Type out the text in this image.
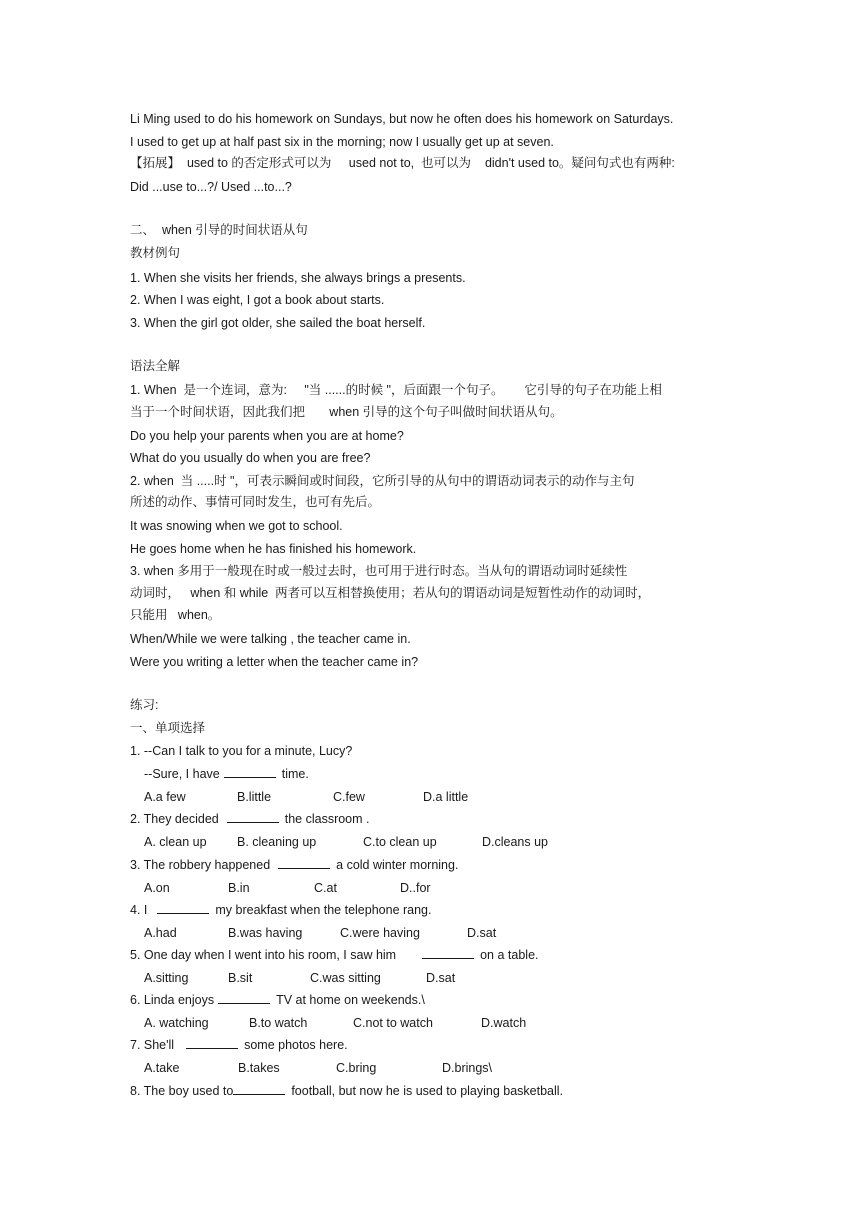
Li Ming used to do his homework on Sundays, but now he often does his homework on Saturdays.
I used to get up at half past six in the morning; now I usually get up at seven.
【拓展】  used to 的否定形式可以为     used not to,  也可以为    didn't used to。疑问句式也有两种:
Did ...use to...?/ Used ...to...?
二、  when 引导的时间状语从句
教材例句
1. When she visits her friends, she always brings a presents.
2. When I was eight, I got a book about starts.
3. When the girl got older, she sailed the boat herself.
语法全解
1. When  是一个连词，意为:     "当 ......的时候 "，后面跟一个句子。      它引导的句子在功能上相
当于一个时间状语，因此我们把       when 引导的这个句子叫做时间状语从句。
Do you help your parents when you are at home?
What do you usually do when you are free?
2. when  当 .....时 "，可表示瞬间或时间段，它所引导的从句中的谓语动词表示的动作与主句
所述的动作、事情可同时发生，也可有先后。
It was snowing when we got to school.
He goes home when he has finished his homework.
3. when 多用于一般现在时或一般过去时，也可用于进行时态。当从句的谓语动词时延续性
动词时，   when 和 while  两者可以互相替换使用；若从句的谓语动词是短暂性动作的动词时，
只能用   when。
When/While we were talking , the teacher came in.
Were you writing a letter when the teacher came in?
练习:
一、单项选择
1. --Can I talk to you for a minute, Lucy?
--Sure, I have	time.
A.a few	B.little	C.few	D.a little
2. They decided	the classroom .
A. clean up B. cleaning up	C.to clean up	D.cleans up
3. The robbery happened	a cold winter morning.
A.on	B.in	C.at	D..for
4. I	my breakfast when the telephone rang.
A.had	B.was having	C.were having	D.sat
5. One day when I went into his room, I saw him	on a table.
A.sitting	B.sit	C.was sitting	D.sat
6. Linda enjoys	TV at home on weekends.\
A. watching	B.to watch	C.not to watch	D.watch
7. She'll	some photos here.
A.take	B.takes	C.bring	D.brings\
8. The boy used to	football, but now he is used to playing basketball.
